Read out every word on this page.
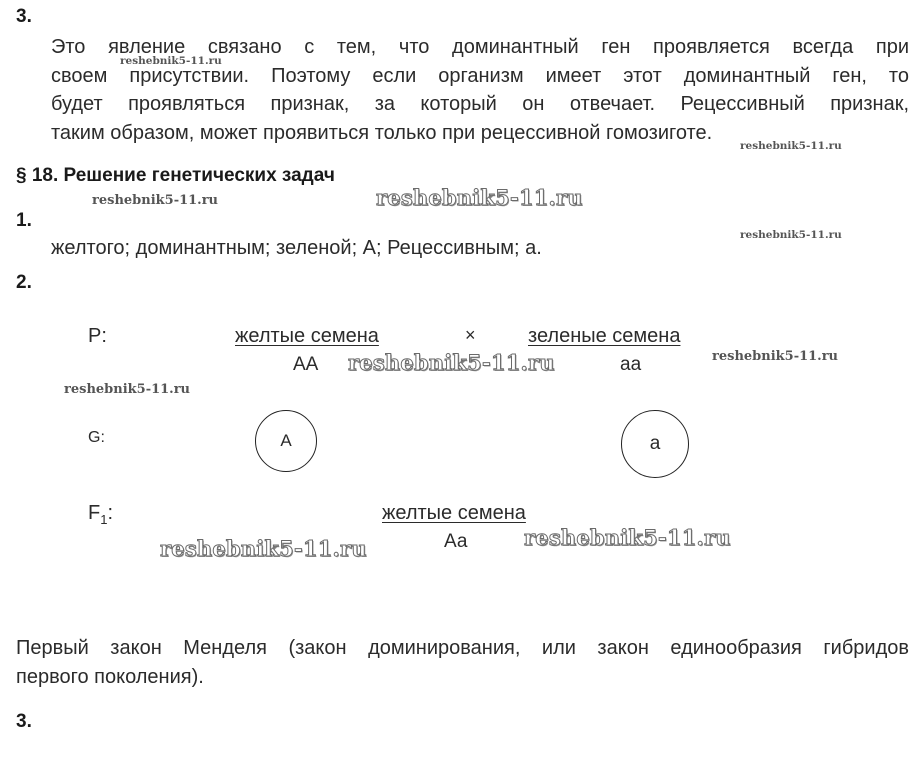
3.
Это явление связано с тем, что доминантный ген проявляется всегда при
своем присутствии. Поэтому если организм имеет этот доминантный ген, то
будет проявляться признак, за который он отвечает. Рецессивный признак,
таким образом, может проявиться только при рецессивной гомозиготе.
§ 18. Решение генетических задач
1.
желтого; доминантным; зеленой; А; Рецессивным; а.
2.
P:	желтые семена	×	зеленые семена
АА	аа
G:	А	а
$F_1$:	желтые семена
Аа
Первый закон Менделя (закон доминирования, или закон единообразия гибридов
первого поколения).
3.
reshebnik5-11.ru
reshebnik5-11.ru
reshebnik5-11.ru	reshebnik5-11.ru
reshebnik5-11.ru
reshebnik5-11.ru	reshebnik5-11.ru
reshebnik5-11.ru
reshebnik5-11.ru	reshebnik5-11.ru
